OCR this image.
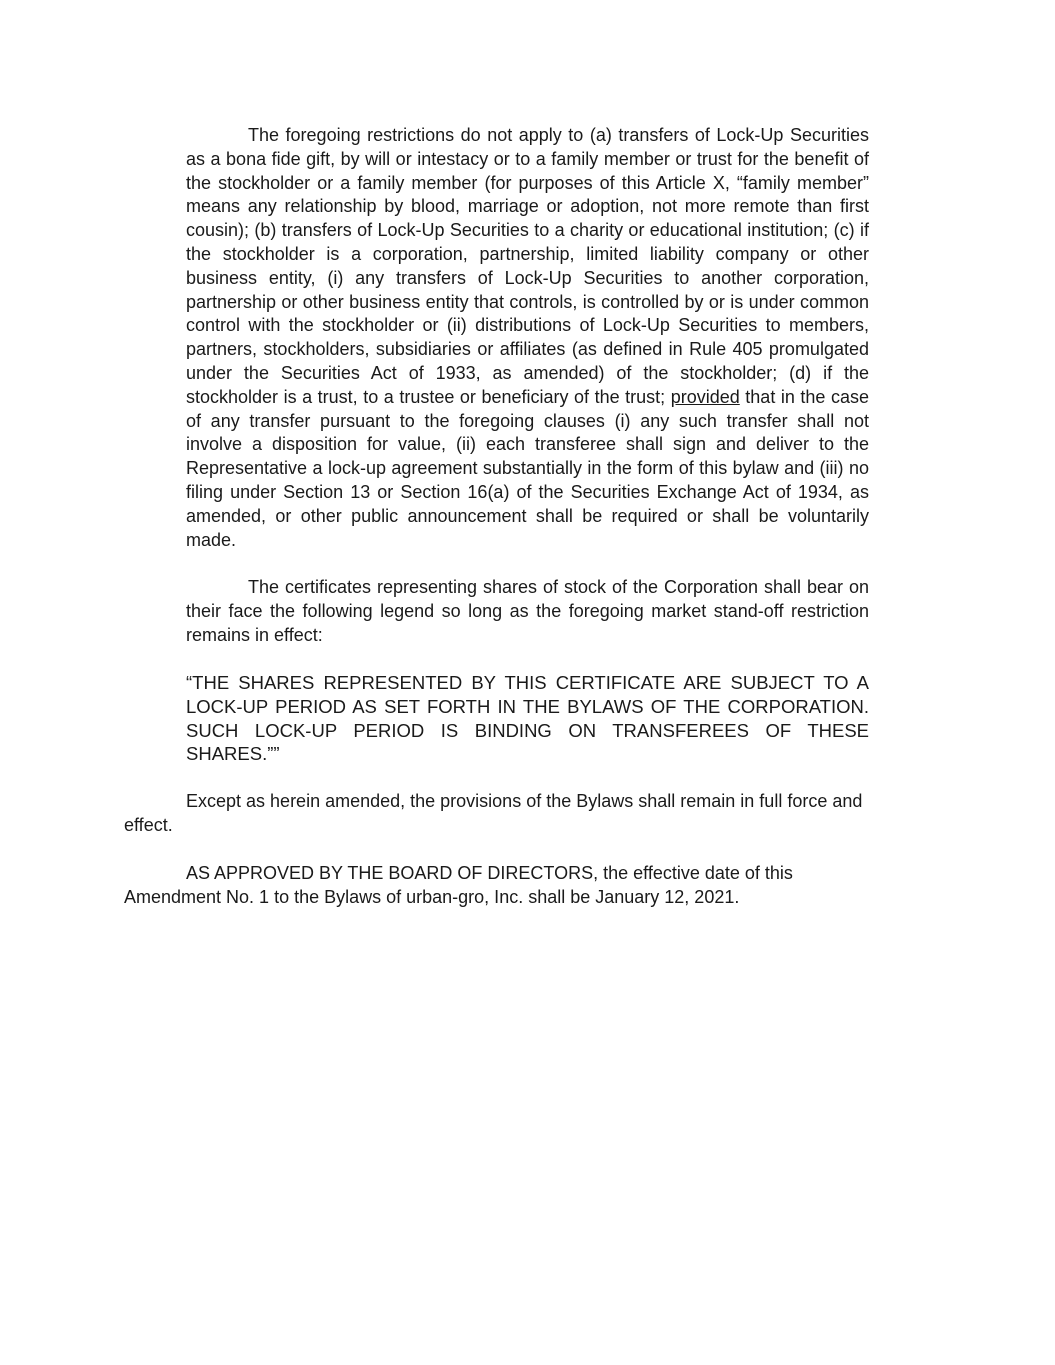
The foregoing restrictions do not apply to (a) transfers of Lock-Up Securities as a bona fide gift, by will or intestacy or to a family member or trust for the benefit of the stockholder or a family member (for purposes of this Article X, “family member” means any relationship by blood, marriage or adoption, not more remote than first cousin); (b) transfers of Lock-Up Securities to a charity or educational institution; (c) if the stockholder is a corporation, partnership, limited liability company or other business entity, (i) any transfers of Lock-Up Securities to another corporation, partnership or other business entity that controls, is controlled by or is under common control with the stockholder or (ii) distributions of Lock-Up Securities to members, partners, stockholders, subsidiaries or affiliates (as defined in Rule 405 promulgated under the Securities Act of 1933, as amended) of the stockholder; (d) if the stockholder is a trust, to a trustee or beneficiary of the trust; provided that in the case of any transfer pursuant to the foregoing clauses (i) any such transfer shall not involve a disposition for value, (ii) each transferee shall sign and deliver to the Representative a lock-up agreement substantially in the form of this bylaw and (iii) no filing under Section 13 or Section 16(a) of the Securities Exchange Act of 1934, as amended, or other public announcement shall be required or shall be voluntarily made.

The certificates representing shares of stock of the Corporation shall bear on their face the following legend so long as the foregoing market stand-off restriction remains in effect:

“THE SHARES REPRESENTED BY THIS CERTIFICATE ARE SUBJECT TO A LOCK-UP PERIOD AS SET FORTH IN THE BYLAWS OF THE CORPORATION. SUCH LOCK-UP PERIOD IS BINDING ON TRANSFEREES OF THESE SHARES.””

Except as herein amended, the provisions of the Bylaws shall remain in full force and effect.

AS APPROVED BY THE BOARD OF DIRECTORS, the effective date of this Amendment No. 1 to the Bylaws of urban-gro, Inc. shall be January 12, 2021.
